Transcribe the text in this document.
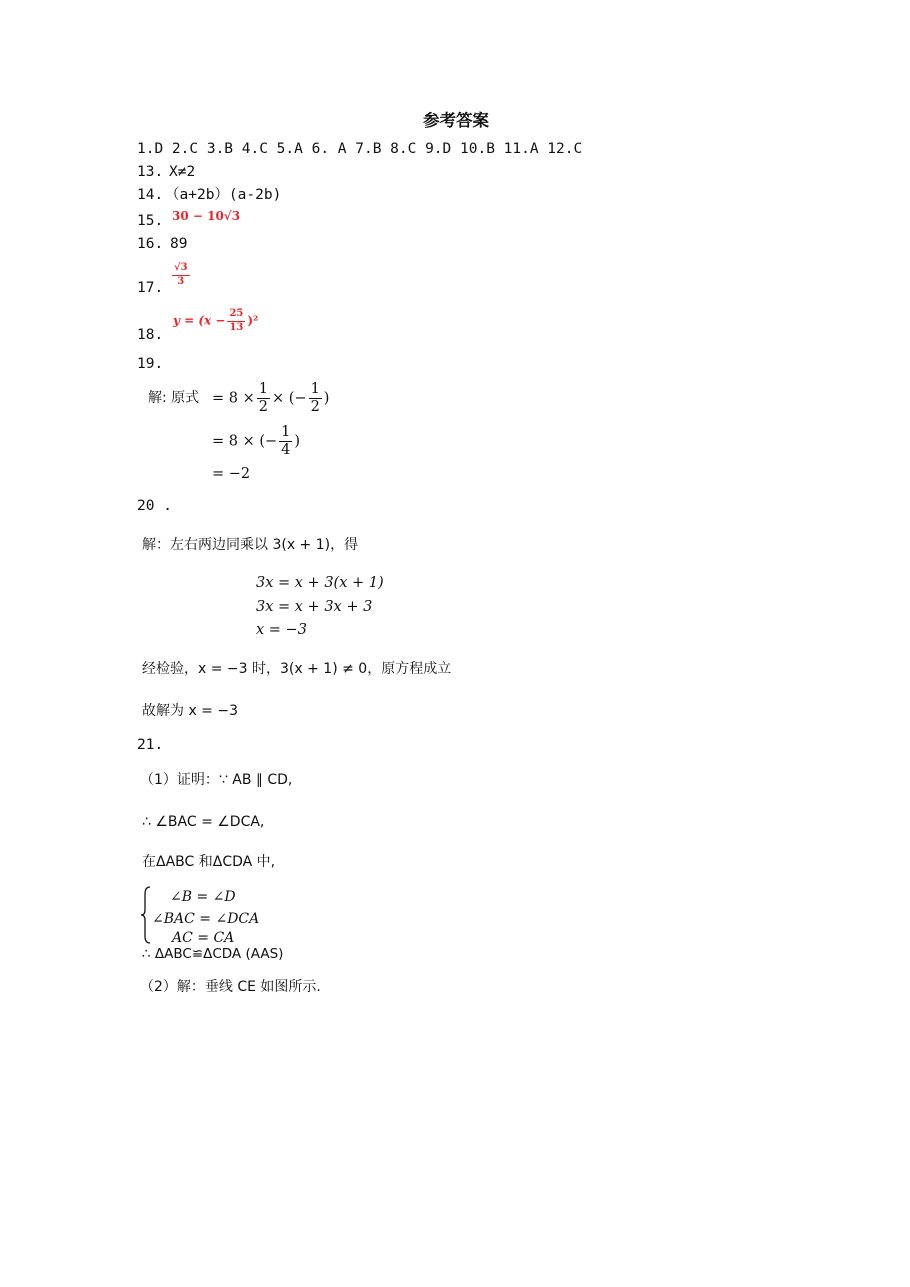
参考答案
1.D 2.C 3.B 4.C 5.A 6. A 7.B 8.C 9.D 10.B 11.A 12.C
13. X≠2
14. （a+2b）(a-2b)
15. 30 − 10√3
16. 89
17.
$\frac{√3}{3}$
18.
$y = (x - \frac{25}{13} )^2$
19.
解: 原式 = $8 \times \frac{1}{2}$ × (− $\frac{1}{2}$ )
= 8 × (− $\frac{1}{4}$ )
= −2
20 .
解：左右两边同乘以 3(x + 1)，得
3x = x + 3(x + 1)
3x = x + 3x + 3
x = −3
经检验，x = −3 时，3(x + 1) ≠ 0，原方程成立
故解为 x = −3
21.
（1）证明：∵ AB ∥ CD,
∴ ∠BAC = ∠DCA,
在ΔABC 和ΔCDA 中,
∠B = ∠D
∠BAC = ∠DCA
AC = CA
∴ ΔABC≌ΔCDA (AAS)
（2）解：垂线 CE 如图所示.
